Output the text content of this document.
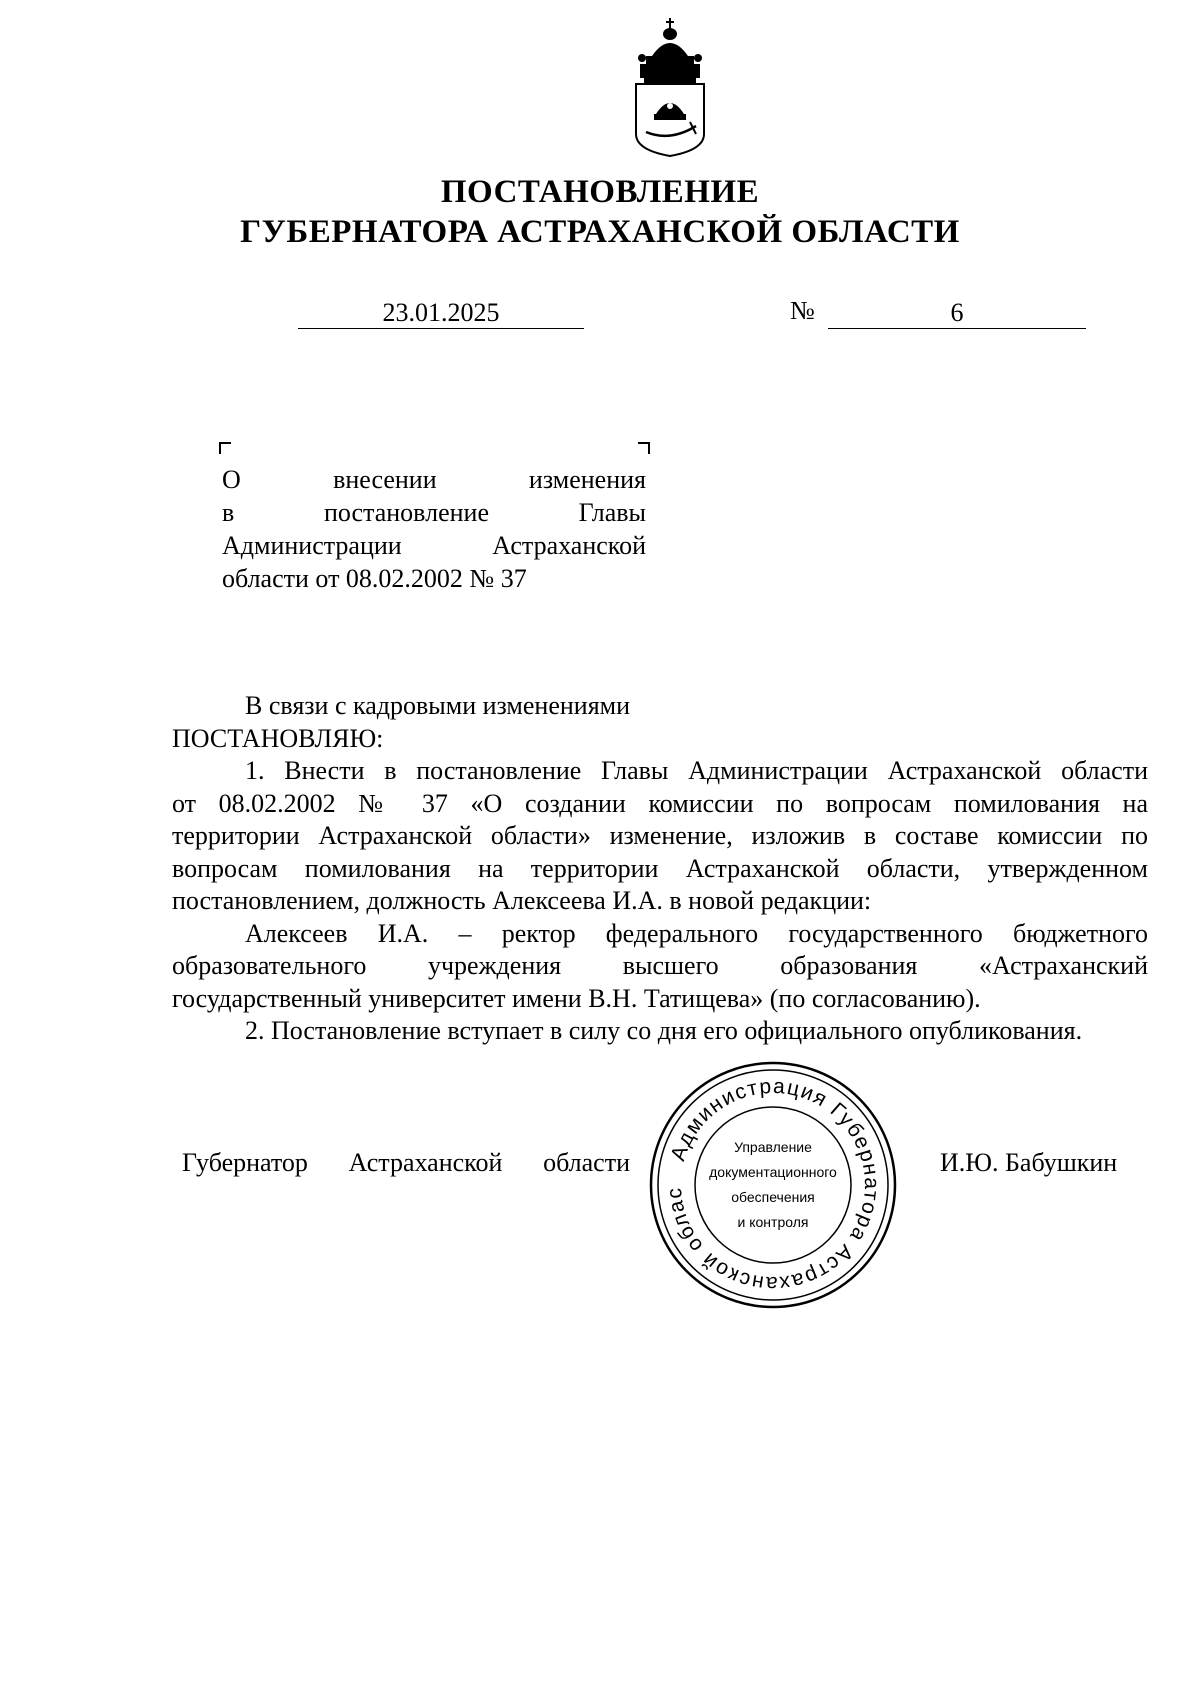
ПОСТАНОВЛЕНИЕ
ГУБЕРНАТОРА АСТРАХАНСКОЙ ОБЛАСТИ
23.01.2025	№	6
О внесении изменения
в постановление Главы
Администрации Астраханской
области от 08.02.2002 № 37
В связи с кадровыми изменениями
ПОСТАНОВЛЯЮ:
1. Внести в постановление Главы Администрации Астраханской области
от 08.02.2002 № 37 «О создании комиссии по вопросам помилования на
территории Астраханской области» изменение, изложив в составе комиссии по
вопросам помилования на территории Астраханской области, утвержденном
постановлением, должность Алексеева И.А. в новой редакции:
Алексеев И.А. – ректор федерального государственного бюджетного
образовательного учреждения высшего образования «Астраханский
государственный университет имени В.Н. Татищева» (по согласованию).
2. Постановление вступает в силу со дня его официального опубликования.
Губернатор Астраханской области	И.Ю. Бабушкин
Администрация Губернатора Астраханской облас
Управление
документационного
обеспечения
и контроля
